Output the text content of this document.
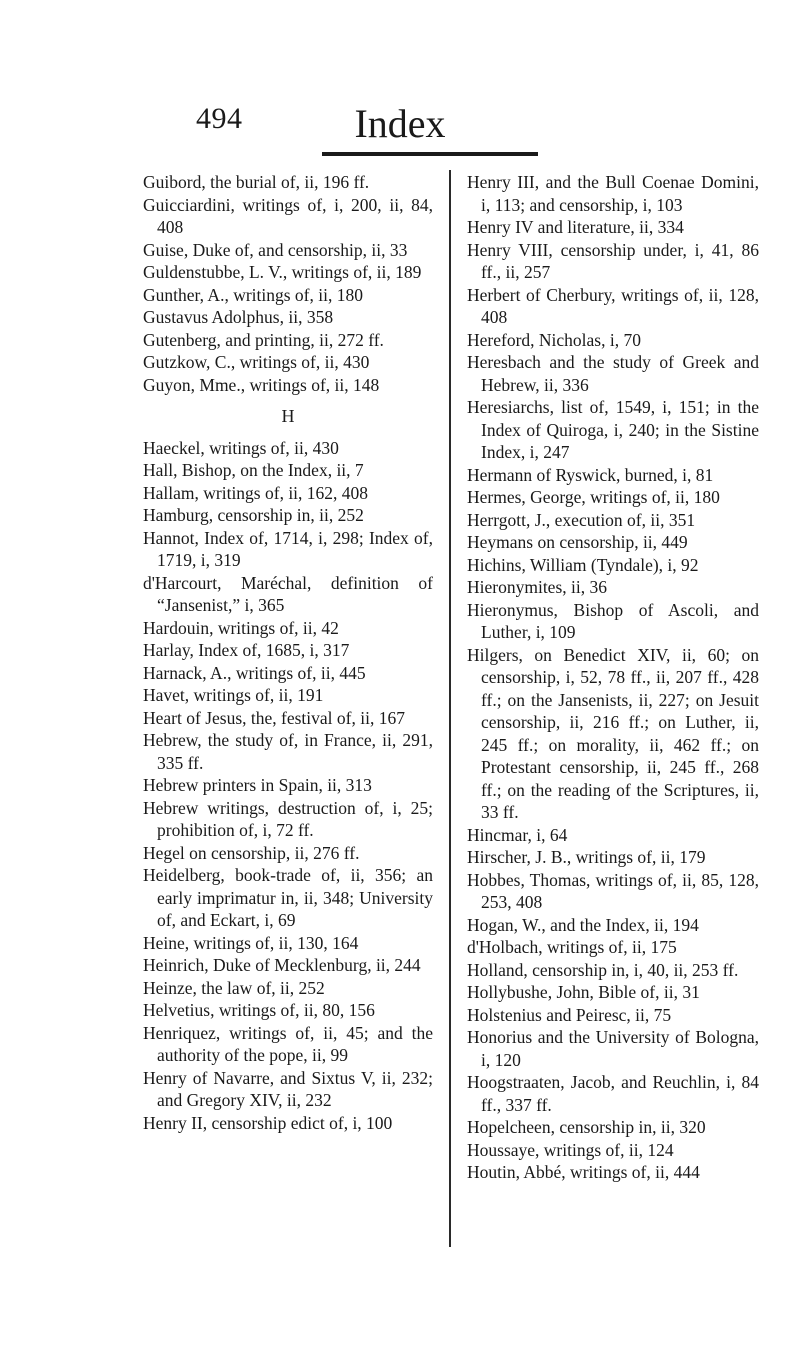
494	Index
Guibord, the burial of, ii, 196 ff.
Guicciardini, writings of, i, 200, ii, 84, 408
Guise, Duke of, and censorship, ii, 33
Guldenstubbe, L. V., writings of, ii, 189
Gunther, A., writings of, ii, 180
Gustavus Adolphus, ii, 358
Gutenberg, and printing, ii, 272 ff.
Gutzkow, C., writings of, ii, 430
Guyon, Mme., writings of, ii, 148
H
Haeckel, writings of, ii, 430
Hall, Bishop, on the Index, ii, 7
Hallam, writings of, ii, 162, 408
Hamburg, censorship in, ii, 252
Hannot, Index of, 1714, i, 298; Index of, 1719, i, 319
d'Harcourt, Maréchal, definition of “Jansenist,” i, 365
Hardouin, writings of, ii, 42
Harlay, Index of, 1685, i, 317
Harnack, A., writings of, ii, 445
Havet, writings of, ii, 191
Heart of Jesus, the, festival of, ii, 167
Hebrew, the study of, in France, ii, 291, 335 ff.
Hebrew printers in Spain, ii, 313
Hebrew writings, destruction of, i, 25; prohibition of, i, 72 ff.
Hegel on censorship, ii, 276 ff.
Heidelberg, book-trade of, ii, 356; an early imprimatur in, ii, 348; University of, and Eckart, i, 69
Heine, writings of, ii, 130, 164
Heinrich, Duke of Mecklenburg, ii, 244
Heinze, the law of, ii, 252
Helvetius, writings of, ii, 80, 156
Henriquez, writings of, ii, 45; and the authority of the pope, ii, 99
Henry of Navarre, and Sixtus V, ii, 232; and Gregory XIV, ii, 232
Henry II, censorship edict of, i, 100
Henry III, and the Bull Coenae Domini, i, 113; and censorship, i, 103
Henry IV and literature, ii, 334
Henry VIII, censorship under, i, 41, 86 ff., ii, 257
Herbert of Cherbury, writings of, ii, 128, 408
Hereford, Nicholas, i, 70
Heresbach and the study of Greek and Hebrew, ii, 336
Heresiarchs, list of, 1549, i, 151; in the Index of Quiroga, i, 240; in the Sistine Index, i, 247
Hermann of Ryswick, burned, i, 81
Hermes, George, writings of, ii, 180
Herrgott, J., execution of, ii, 351
Heymans on censorship, ii, 449
Hichins, William (Tyndale), i, 92
Hieronymites, ii, 36
Hieronymus, Bishop of Ascoli, and Luther, i, 109
Hilgers, on Benedict XIV, ii, 60; on censorship, i, 52, 78 ff., ii, 207 ff., 428 ff.; on the Jansenists, ii, 227; on Jesuit censorship, ii, 216 ff.; on Luther, ii, 245 ff.; on morality, ii, 462 ff.; on Protestant censorship, ii, 245 ff., 268 ff.; on the reading of the Scriptures, ii, 33 ff.
Hincmar, i, 64
Hirscher, J. B., writings of, ii, 179
Hobbes, Thomas, writings of, ii, 85, 128, 253, 408
Hogan, W., and the Index, ii, 194
d'Holbach, writings of, ii, 175
Holland, censorship in, i, 40, ii, 253 ff.
Hollybushe, John, Bible of, ii, 31
Holstenius and Peiresc, ii, 75
Honorius and the University of Bologna, i, 120
Hoogstraaten, Jacob, and Reuchlin, i, 84 ff., 337 ff.
Hopelcheen, censorship in, ii, 320
Houssaye, writings of, ii, 124
Houtin, Abbé, writings of, ii, 444
